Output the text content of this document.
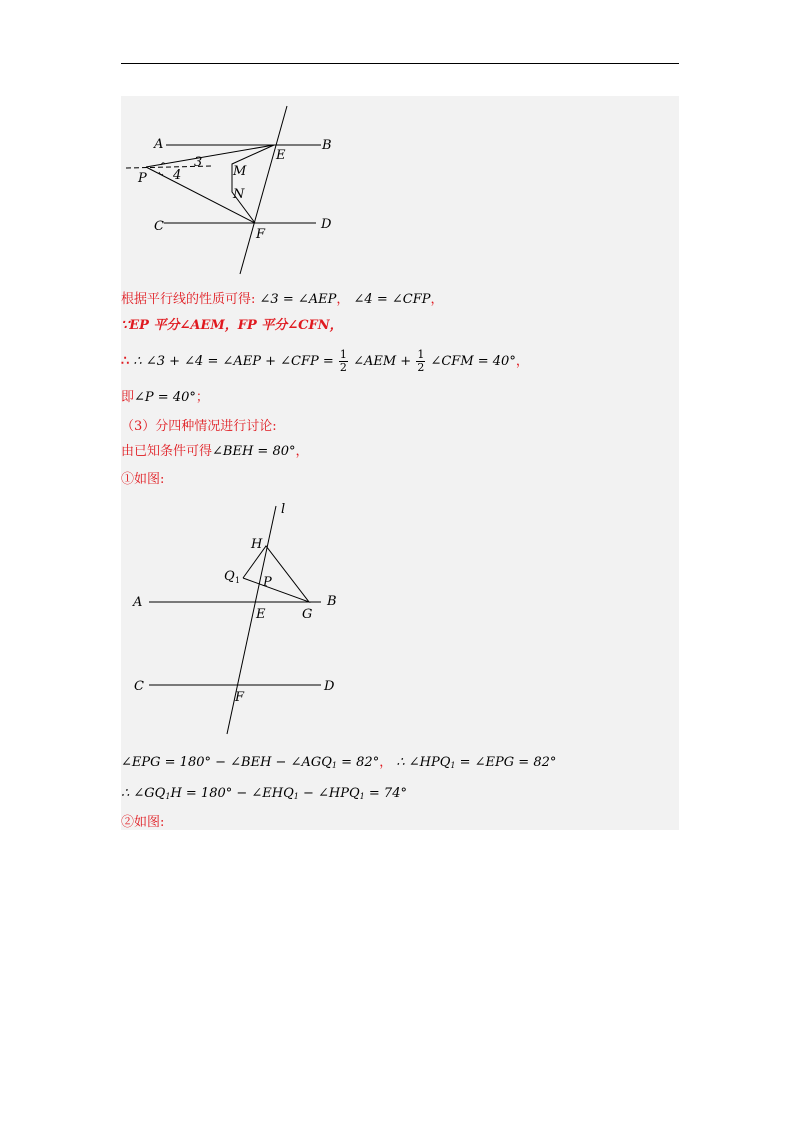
A	B
E
P
3
4	M
N
C
F
D
根据平行线的性质可得: ∠3 = ∠AEP， ∠4 = ∠CFP，
∵EP 平分∠AEM，FP 平分∠CFN，
∴ ∴ ∠3 + ∠4 = ∠AEP + ∠CFP = $\frac{1}{2}$ ∠AEM + $\frac{1}{2}$ ∠CFM = 40°，
即∠P = 40°；
（3）分四种情况进行讨论:
由已知条件可得∠BEH = 80°，
①如图:
l
H
Q 1 P
A	B
E	G
C
F
D
∠EPG = 180° − ∠BEH − ∠AGQ1 = 82°， ∴ ∠HPQ1 = ∠EPG = 82°
∴ ∠GQ1H = 180° − ∠EHQ1 − ∠HPQ1 = 74°
②如图:
